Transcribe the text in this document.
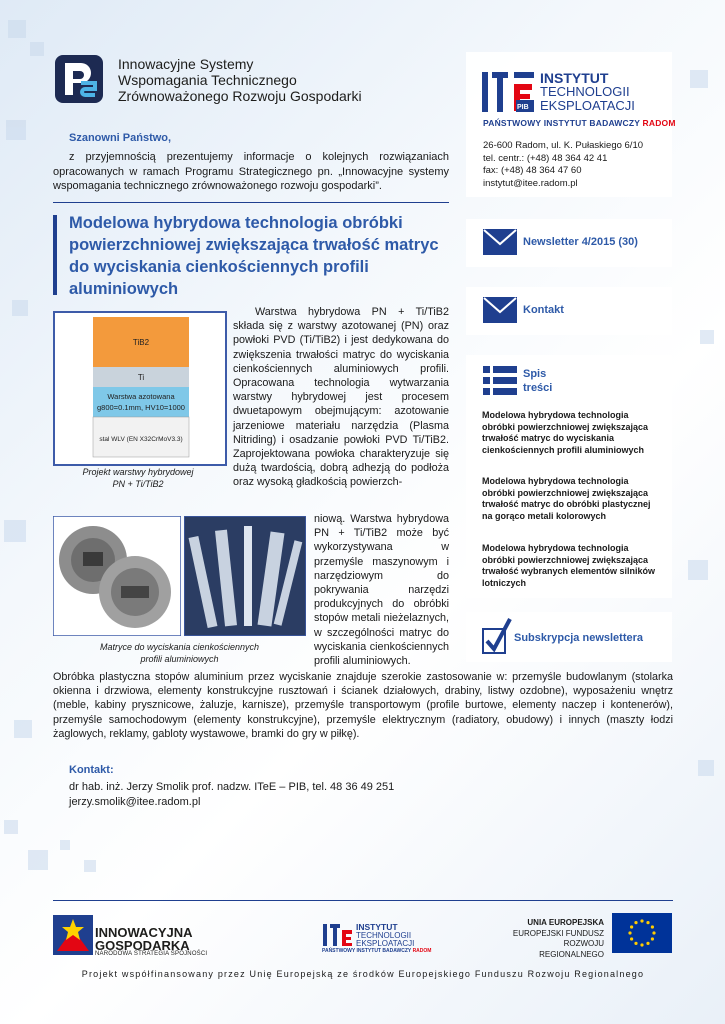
Innowacyjne Systemy
Wspomagania Technicznego
Zrównoważonego Rozwoju Gospodarki
PIB
INSTYTUT
TECHNOLOGII
EKSPLOATACJI
PAŃSTWOWY INSTYTUT BADAWCZY RADOM
26-600 Radom, ul. K. Pułaskiego 6/10
tel. centr.: (+48) 48 364 42 41
fax: (+48) 48 364 47 60
instytut@itee.radom.pl
Newsletter 4/2015 (30)
Kontakt
Spis
treści
Modelowa hybrydowa technologia obróbki powierzchniowej zwiększająca trwałość matryc do wyciskania cienkościennych profili aluminiowych
Modelowa hybrydowa technologia obróbki powierzchniowej zwiększająca trwałość matryc do obróbki plastycznej na gorąco metali kolorowych
Modelowa hybrydowa technologia obróbki powierzchniowej zwiększająca trwałość wybranych elementów silników lotniczych
Subskrypcja newslettera
Szanowni Państwo,
z przyjemnością prezentujemy informacje o kolejnych rozwiązaniach opracowanych w ramach Programu Strategicznego pn. „Innowacyjne systemy wspomagania technicznego zrównoważonego rozwoju gospodarki”.
Modelowa hybrydowa technologia obróbki powierzchniowej zwiększająca trwałość matryc do wyciskania cienkościennych profili aluminiowych
TiB2
Ti
Warstwa azotowana
g800=0.1mm, HV10=1000
stal WLV (EN X32CrMoV3.3)
Projekt warstwy hybrydowej
PN + Ti/TiB2
Matryce do wyciskania cienkościennych
profili aluminiowych
Warstwa hybrydowa PN + Ti/TiB2 składa się z warstwy azotowanej (PN) oraz powłoki PVD (Ti/TiB2) i jest dedykowana do zwiększenia trwałości matryc do wyciskania cienkościennych aluminiowych profili. Opracowana technologia wytwarzania warstwy hybrydowej jest procesem dwuetapowym obejmującym: azotowanie jarzeniowe materiału narzędzia (Plasma Nitriding) i osadzanie powłoki PVD Ti/TiB2. Zaprojektowana powłoka charakteryzuje się dużą twardością, dobrą adhezją do podłoża oraz wysoką gładkością powierzch-
niową. Warstwa hybrydowa PN + Ti/TiB2 może być wykorzystywana w przemyśle maszynowym i narzędziowym do pokrywania narzędzi produkcyjnych do obróbki stopów metali nieżelaznych, w szczególności matryc do wyciskania cienkościennych profili aluminiowych.
Obróbka plastyczna stopów aluminium przez wyciskanie znajduje szerokie zastosowanie w: przemyśle budowlanym (stolarka okienna i drzwiowa, elementy konstrukcyjne rusztowań i ścianek działowych, drabiny, listwy ozdobne), wyposażeniu wnętrz (meble, kabiny prysznicowe, żaluzje, karnisze), przemyśle transportowym (profile burtowe, elementy naczep i kontenerów), przemyśle samochodowym (elementy konstrukcyjne), przemyśle elektrycznym (radiatory, obudowy) i innych (maszty łodzi żaglowych, reklamy, gabloty wystawowe, bramki do gry w piłkę).
Kontakt:
dr hab. inż. Jerzy Smolik prof. nadzw. ITeE – PIB, tel. 48 36 49 251
jerzy.smolik@itee.radom.pl
INNOWACYJNA
GOSPODARKA
NARODOWA STRATEGIA SPÓJNOŚCI
INSTYTUT
TECHNOLOGII
EKSPLOATACJI
PAŃSTWOWY INSTYTUT BADAWCZY RADOM
UNIA EUROPEJSKA
EUROPEJSKI FUNDUSZ
ROZWOJU REGIONALNEGO
Projekt współfinansowany przez Unię Europejską ze środków Europejskiego Funduszu Rozwoju Regionalnego
